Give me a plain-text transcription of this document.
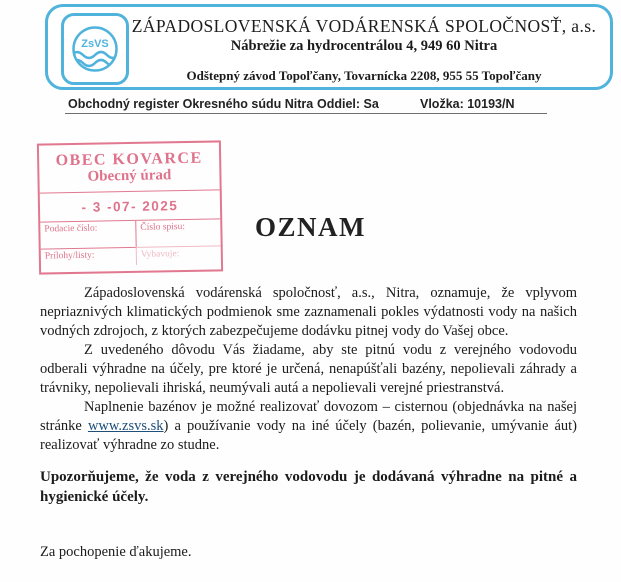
ZsVS
ZÁPADOSLOVENSKÁ VODÁRENSKÁ SPOLOČNOSŤ, a.s.
Nábrežie za hydrocentrálou 4, 949 60 Nitra
Odštepný závod Topoľčany, Tovarnícka 2208, 955 55 Topoľčany
Obchodný register Okresného súdu Nitra Oddiel: Sa	Vložka: 10193/N
OBEC KOVARCE
Obecný úrad
- 3 -07- 2025
Podacie číslo:	Číslo spisu:
Prílohy/listy:	Vybavuje:
OZNAM

Západoslovenská vodárenská spoločnosť, a.s., Nitra, oznamuje, že vplyvom nepriaznivých klimatických podmienok sme zaznamenali pokles výdatnosti vody na našich vodných zdrojoch, z ktorých zabezpečujeme dodávku pitnej vody do Vašej obce.

Z uvedeného dôvodu Vás žiadame, aby ste pitnú vodu z verejného vodovodu odberali výhradne na účely, pre ktoré je určená, nenapúšťali bazény, nepolievali záhrady a trávniky, nepolievali ihriská, neumývali autá a nepolievali verejné priestranstvá.

Naplnenie bazénov je možné realizovať dovozom – cisternou (objednávka na našej stránke www.zsvs.sk) a používanie vody na iné účely (bazén, polievanie, umývanie áut) realizovať výhradne zo studne.

Upozorňujeme, že voda z verejného vodovodu je dodávaná výhradne na pitné a hygienické účely.

Za pochopenie ďakujeme.
